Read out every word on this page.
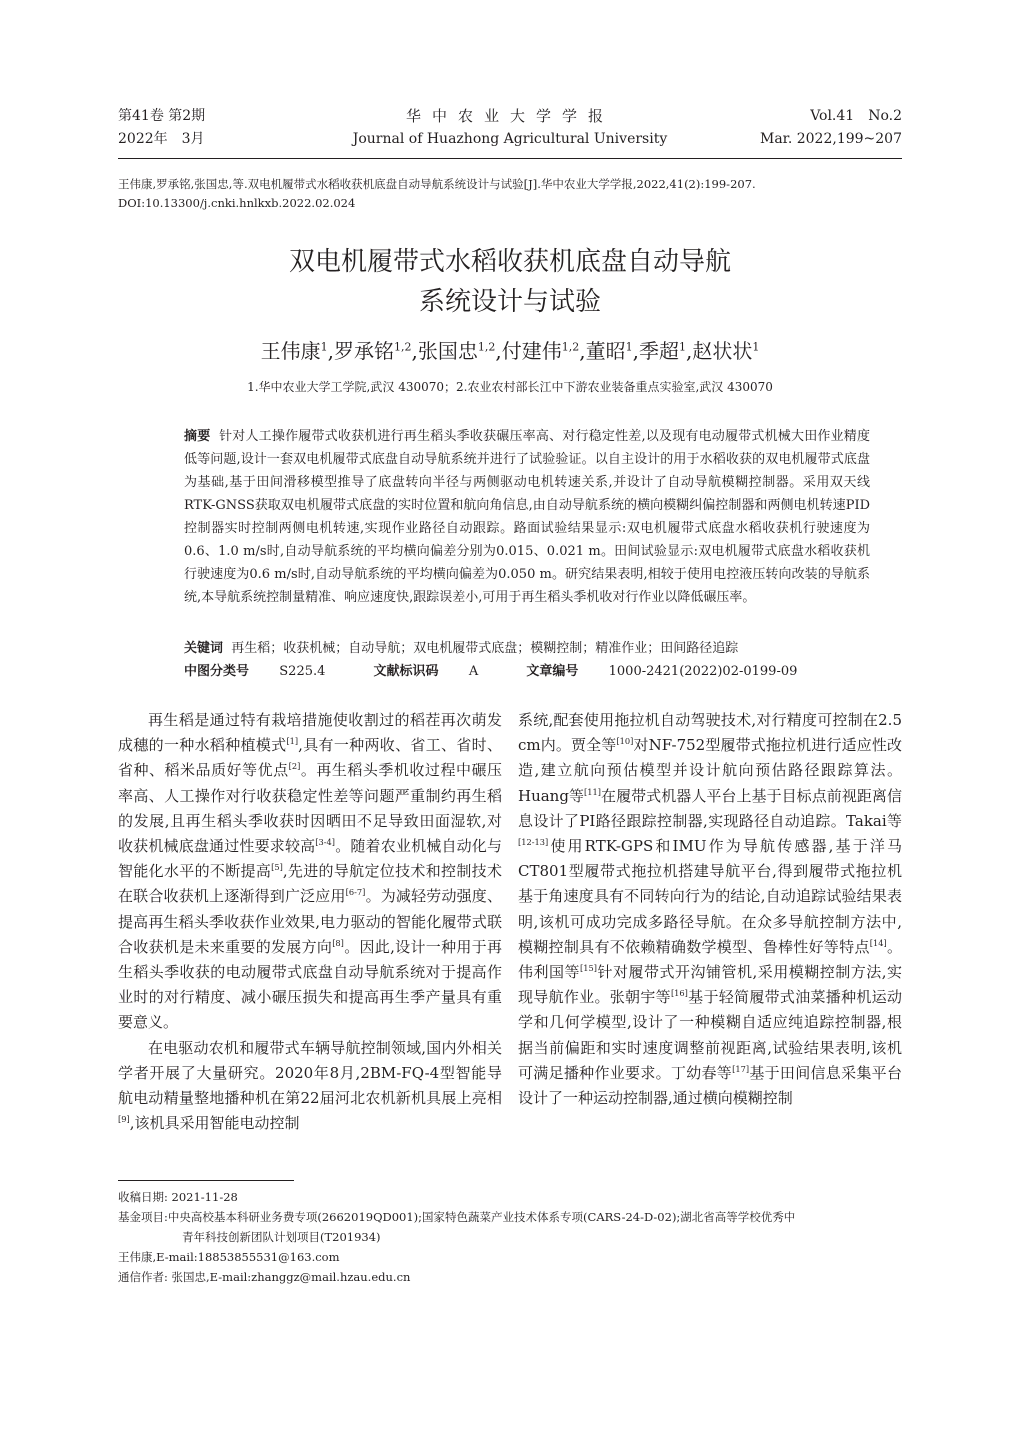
第41卷 第2期
2022年　3月
华中农业大学学报
Journal of Huazhong Agricultural University
Vol.41　No.2
Mar. 2022,199~207
王伟康,罗承铭,张国忠,等.双电机履带式水稻收获机底盘自动导航系统设计与试验[J].华中农业大学学报,2022,41(2):199-207.
DOI:10.13300/j.cnki.hnlkxb.2022.02.024
双电机履带式水稻收获机底盘自动导航
系统设计与试验
王伟康$^1$,罗承铭$^{1,2}$,张国忠$^{1,2}$,付建伟$^{1,2}$,董昭$^1$,季超$^1$,赵状状$^1$
1.华中农业大学工学院,武汉 430070；2.农业农村部长江中下游农业装备重点实验室,武汉 430070
摘要 针对人工操作履带式收获机进行再生稻头季收获碾压率高、对行稳定性差,以及现有电动履带式机械大田作业精度低等问题,设计一套双电机履带式底盘自动导航系统并进行了试验验证。以自主设计的用于水稻收获的双电机履带式底盘为基础,基于田间滑移模型推导了底盘转向半径与两侧驱动电机转速关系,并设计了自动导航模糊控制器。采用双天线RTK-GNSS获取双电机履带式底盘的实时位置和航向角信息,由自动导航系统的横向模糊纠偏控制器和两侧电机转速PID控制器实时控制两侧电机转速,实现作业路径自动跟踪。路面试验结果显示:双电机履带式底盘水稻收获机行驶速度为0.6、1.0 m/s时,自动导航系统的平均横向偏差分别为0.015、0.021 m。田间试验显示:双电机履带式底盘水稻收获机行驶速度为0.6 m/s时,自动导航系统的平均横向偏差为0.050 m。研究结果表明,相较于使用电控液压转向改装的导航系统,本导航系统控制量精准、响应速度快,跟踪误差小,可用于再生稻头季机收对行作业以降低碾压率。
关键词 再生稻；收获机械；自动导航；双电机履带式底盘；模糊控制；精准作业；田间路径追踪
中图分类号 S225.4	文献标识码 A	文章编号 1000-2421(2022)02-0199-09

再生稻是通过特有栽培措施使收割过的稻茬再次萌发成穗的一种水稻种植模式[1],具有一种两收、省工、省时、省种、稻米品质好等优点[2]。再生稻头季机收过程中碾压率高、人工操作对行收获稳定性差等问题严重制约再生稻的发展,且再生稻头季收获时因晒田不足导致田面湿软,对收获机械底盘通过性要求较高[3-4]。随着农业机械自动化与智能化水平的不断提高[5],先进的导航定位技术和控制技术在联合收获机上逐渐得到广泛应用[6-7]。为减轻劳动强度、提高再生稻头季收获作业效果,电力驱动的智能化履带式联合收获机是未来重要的发展方向[8]。因此,设计一种用于再生稻头季收获的电动履带式底盘自动导航系统对于提高作业时的对行精度、减小碾压损失和提高再生季产量具有重要意义。

在电驱动农机和履带式车辆导航控制领域,国内外相关学者开展了大量研究。2020年8月,2BM-FQ-4型智能导航电动精量整地播种机在第22届河北农机新机具展上亮相[9],该机具采用智能电动控制

系统,配套使用拖拉机自动驾驶技术,对行精度可控制在2.5 cm内。贾全等[10]对NF-752型履带式拖拉机进行适应性改造,建立航向预估模型并设计航向预估路径跟踪算法。Huang等[11]在履带式机器人平台上基于目标点前视距离信息设计了PI路径跟踪控制器,实现路径自动追踪。Takai等[12-13]使用RTK-GPS和IMU作为导航传感器,基于洋马CT801型履带式拖拉机搭建导航平台,得到履带式拖拉机基于角速度具有不同转向行为的结论,自动追踪试验结果表明,该机可成功完成多路径导航。在众多导航控制方法中,模糊控制具有不依赖精确数学模型、鲁棒性好等特点[14]。伟利国等[15]针对履带式开沟铺管机,采用模糊控制方法,实现导航作业。张朝宇等[16]基于轻简履带式油菜播种机运动学和几何学模型,设计了一种模糊自适应纯追踪控制器,根据当前偏距和实时速度调整前视距离,试验结果表明,该机可满足播种作业要求。丁幼春等[17]基于田间信息采集平台设计了一种运动控制器,通过横向模糊控制

收稿日期: 2021-11-28
基金项目:中央高校基本科研业务费专项(2662019QD001);国家特色蔬菜产业技术体系专项(CARS-24-D-02);湖北省高等学校优秀中
青年科技创新团队计划项目(T201934)
王伟康,E-mail:18853855531@163.com
通信作者: 张国忠,E-mail:zhanggz@mail.hzau.edu.cn
